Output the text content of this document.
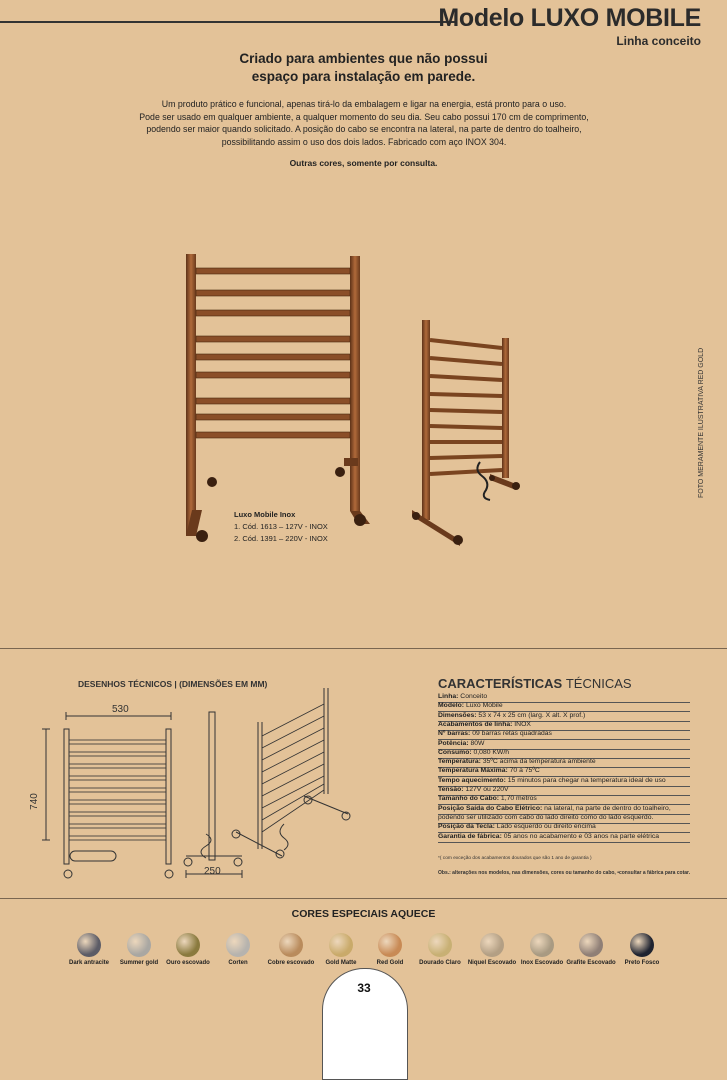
Modelo LUXO MOBILE
Linha conceito
Criado para ambientes que não possui
espaço para instalação em parede.
Um produto prático e funcional, apenas tirá-lo da embalagem e ligar na energia, está pronto para o uso.
Pode ser usado em qualquer ambiente, a qualquer momento do seu dia. Seu cabo possui 170 cm de comprimento,
podendo ser maior quando solicitado. A posição do cabo se encontra na lateral, na parte de dentro do toalheiro,
possibilitando assim o uso dos dois lados. Fabricado com aço INOX 304.
Outras cores, somente por consulta.
Luxo Mobile Inox
1. Cód. 1613 – 127V - INOX
2. Cód. 1391 – 220V - INOX
FOTO MERAMENTE ILUSTRATIVA RED GOLD
DESENHOS TÉCNICOS | (DIMENSÕES EM MM)
530
740
250
CARACTERÍSTICAS TÉCNICAS
Linha: Conceito
Modelo: Luxo Mobile
Dimensões: 53 x 74 x 25 cm (larg. X alt. X prof.)
Acabamentos de linha: INOX
Nº barras: 09 barras retas quadradas
Potência: 80W
Consumo: 0,080 KW/h
Temperatura: 35ºC acima da temperatura ambiente
Temperatura Máxima: 70 a 75ºC
Tempo aquecimento: 15 minutos para chegar na temperatura ideal de uso
Tensão: 127V ou 220V
Tamanho do Cabo: 1,70 metros
Posição Saída do Cabo Elétrico: na lateral, na parte de dentro do toalheiro,
podendo ser utilizado com cabo do lado direito como do lado esquerdo.
Posição da Tecla: Lado esquerdo ou direito encima
Garantia de fábrica: 05 anos no acabamento e 03 anos na parte elétrica
*( com exceção dos acabamentos dourados que são 1 ano de garantia )
Obs.: alterações nos modelos, nas dimensões, cores ou tamanho do cabo, •consultar a fábrica para cotar.
CORES ESPECIAIS AQUECE
Dark antracite Summer gold Ouro escovado	Corten	Cobre escovado Gold Matte	Red Gold	Dourado Claro Niquel Escovado Inox Escovado Grafite Escovado Preto Fosco
33
